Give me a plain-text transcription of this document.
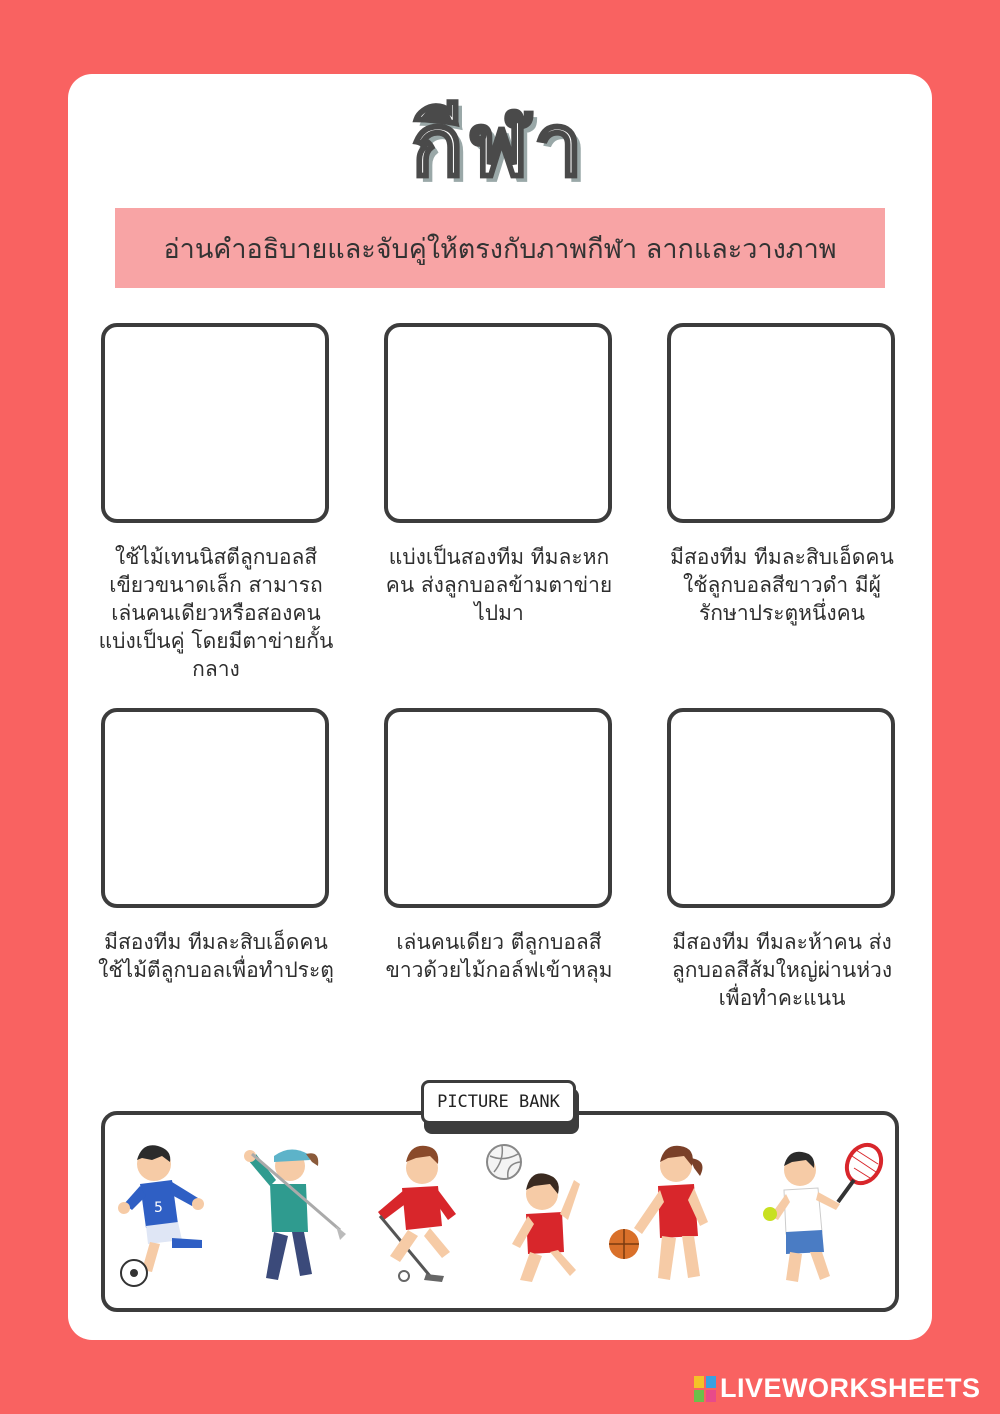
กีฬา
อ่านคำอธิบายและจับคู่ให้ตรงกับภาพกีฬา ลากและวางภาพ
ใช้ไม้เทนนิสตีลูกบอลสีเขียวขนาดเล็ก สามารถเล่นคนเดียวหรือสองคน แบ่งเป็นคู่ โดยมีตาข่ายกั้นกลาง
แบ่งเป็นสองทีม ทีมละหกคน ส่งลูกบอลข้ามตาข่ายไปมา
มีสองทีม ทีมละสิบเอ็ดคน ใช้ลูกบอลสีขาวดำ มีผู้รักษาประตูหนึ่งคน
มีสองทีม ทีมละสิบเอ็ดคน ใช้ไม้ตีลูกบอลเพื่อทำประตู
เล่นคนเดียว ตีลูกบอลสีขาวด้วยไม้กอล์ฟเข้าหลุม
มีสองทีม ทีมละห้าคน ส่งลูกบอลสีส้มใหญ่ผ่านห่วงเพื่อทำคะแนน
PICTURE BANK
5
LIVEWORKSHEETS
